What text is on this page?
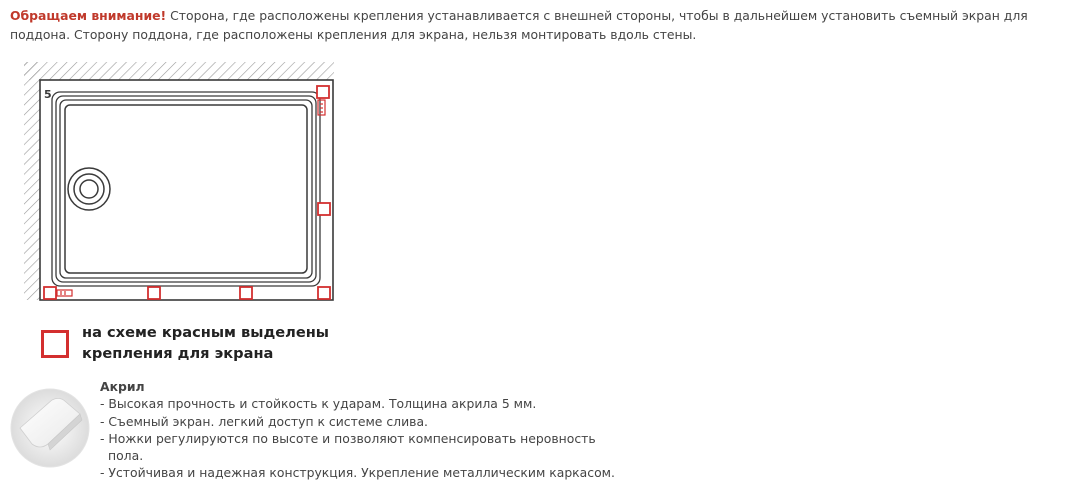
Обращаем внимание! Сторона, где расположены крепления устанавливается с внешней стороны, чтобы в дальнейшем установить съемный экран для поддона. Сторону поддона, где расположены крепления для экрана, нельзя монтировать вдоль стены.
5
на схеме красным выделены
крепления для экрана
Акрил
- Высокая прочность и стойкость к ударам. Толщина акрила 5 мм.
- Съемный экран. легкий доступ к системе слива.
- Ножки регулируются по высоте и позволяют компенсировать неровность
пола.
- Устойчивая и надежная конструкция. Укрепление металлическим каркасом.
